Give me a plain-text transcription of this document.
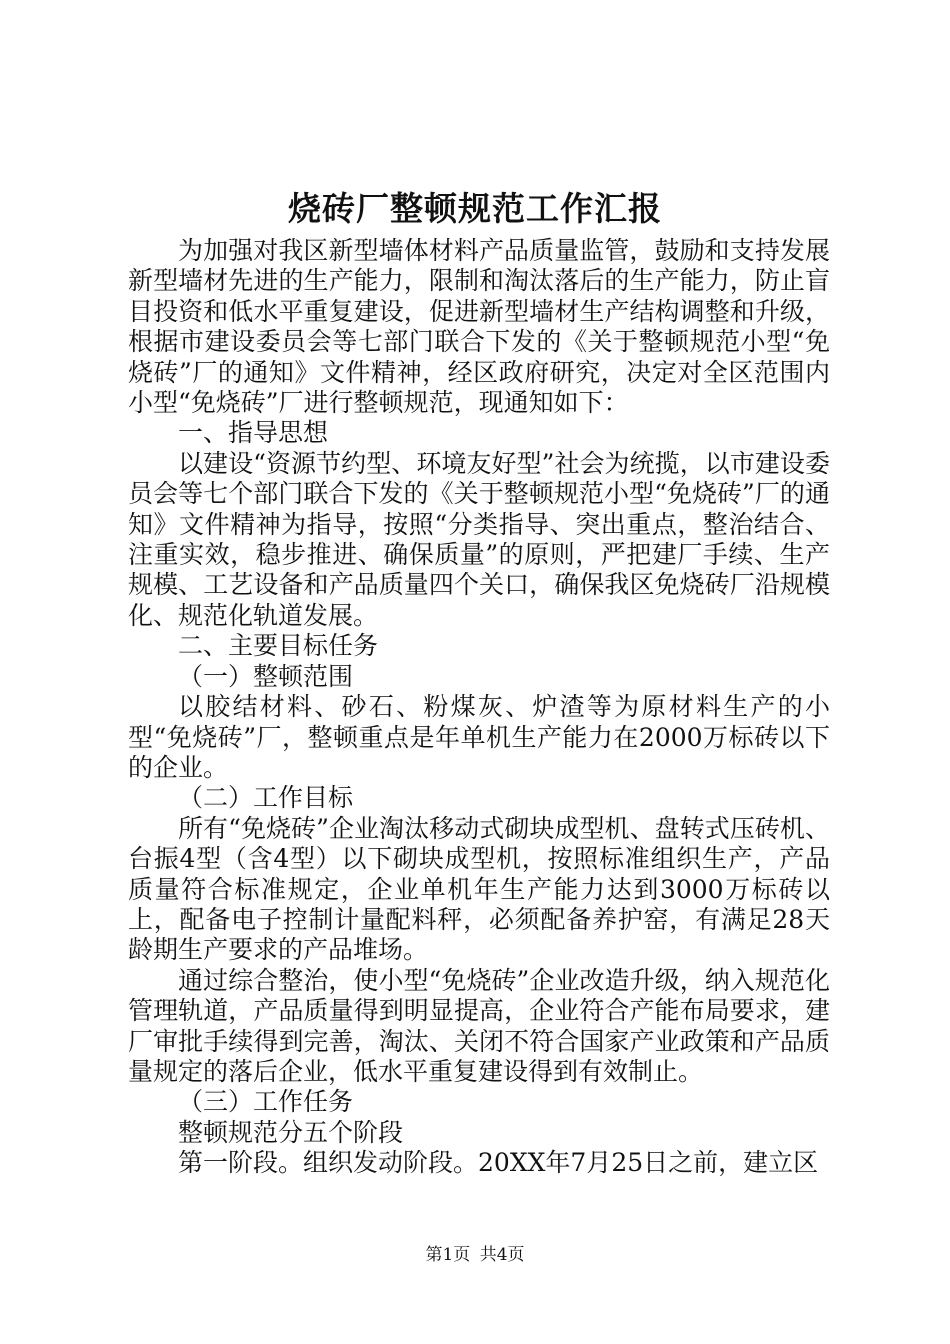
烧砖厂整顿规范工作汇报

为加强对我区新型墙体材料产品质量监管，鼓励和支持发展新型墙材先进的生产能力，限制和淘汰落后的生产能力，防止盲目投资和低水平重复建设，促进新型墙材生产结构调整和升级，根据市建设委员会等七部门联合下发的《关于整顿规范小型“免烧砖”厂的通知》文件精神，经区政府研究，决定对全区范围内小型“免烧砖”厂进行整顿规范，现通知如下：

一、指导思想

以建设“资源节约型、环境友好型”社会为统揽，以市建设委员会等七个部门联合下发的《关于整顿规范小型“免烧砖”厂的通知》文件精神为指导，按照“分类指导、突出重点，整治结合、注重实效，稳步推进、确保质量”的原则，严把建厂手续、生产规模、工艺设备和产品质量四个关口，确保我区免烧砖厂沿规模化、规范化轨道发展。

二、主要目标任务

（一）整顿范围

以胶结材料、砂石、粉煤灰、炉渣等为原材料生产的小型“免烧砖”厂，整顿重点是年单机生产能力在2000万标砖以下的企业。

（二）工作目标

所有“免烧砖”企业淘汰移动式砌块成型机、盘转式压砖机、台振4型（含4型）以下砌块成型机，按照标准组织生产，产品质量符合标准规定，企业单机年生产能力达到3000万标砖以上，配备电子控制计量配料秤，必须配备养护窑，有满足28天龄期生产要求的产品堆场。

通过综合整治，使小型“免烧砖”企业改造升级，纳入规范化管理轨道，产品质量得到明显提高，企业符合产能布局要求，建厂审批手续得到完善，淘汰、关闭不符合国家产业政策和产品质量规定的落后企业，低水平重复建设得到有效制止。

（三）工作任务

整顿规范分五个阶段

第一阶段。组织发动阶段。20XX年7月25日之前，建立区

第1页 共4页
